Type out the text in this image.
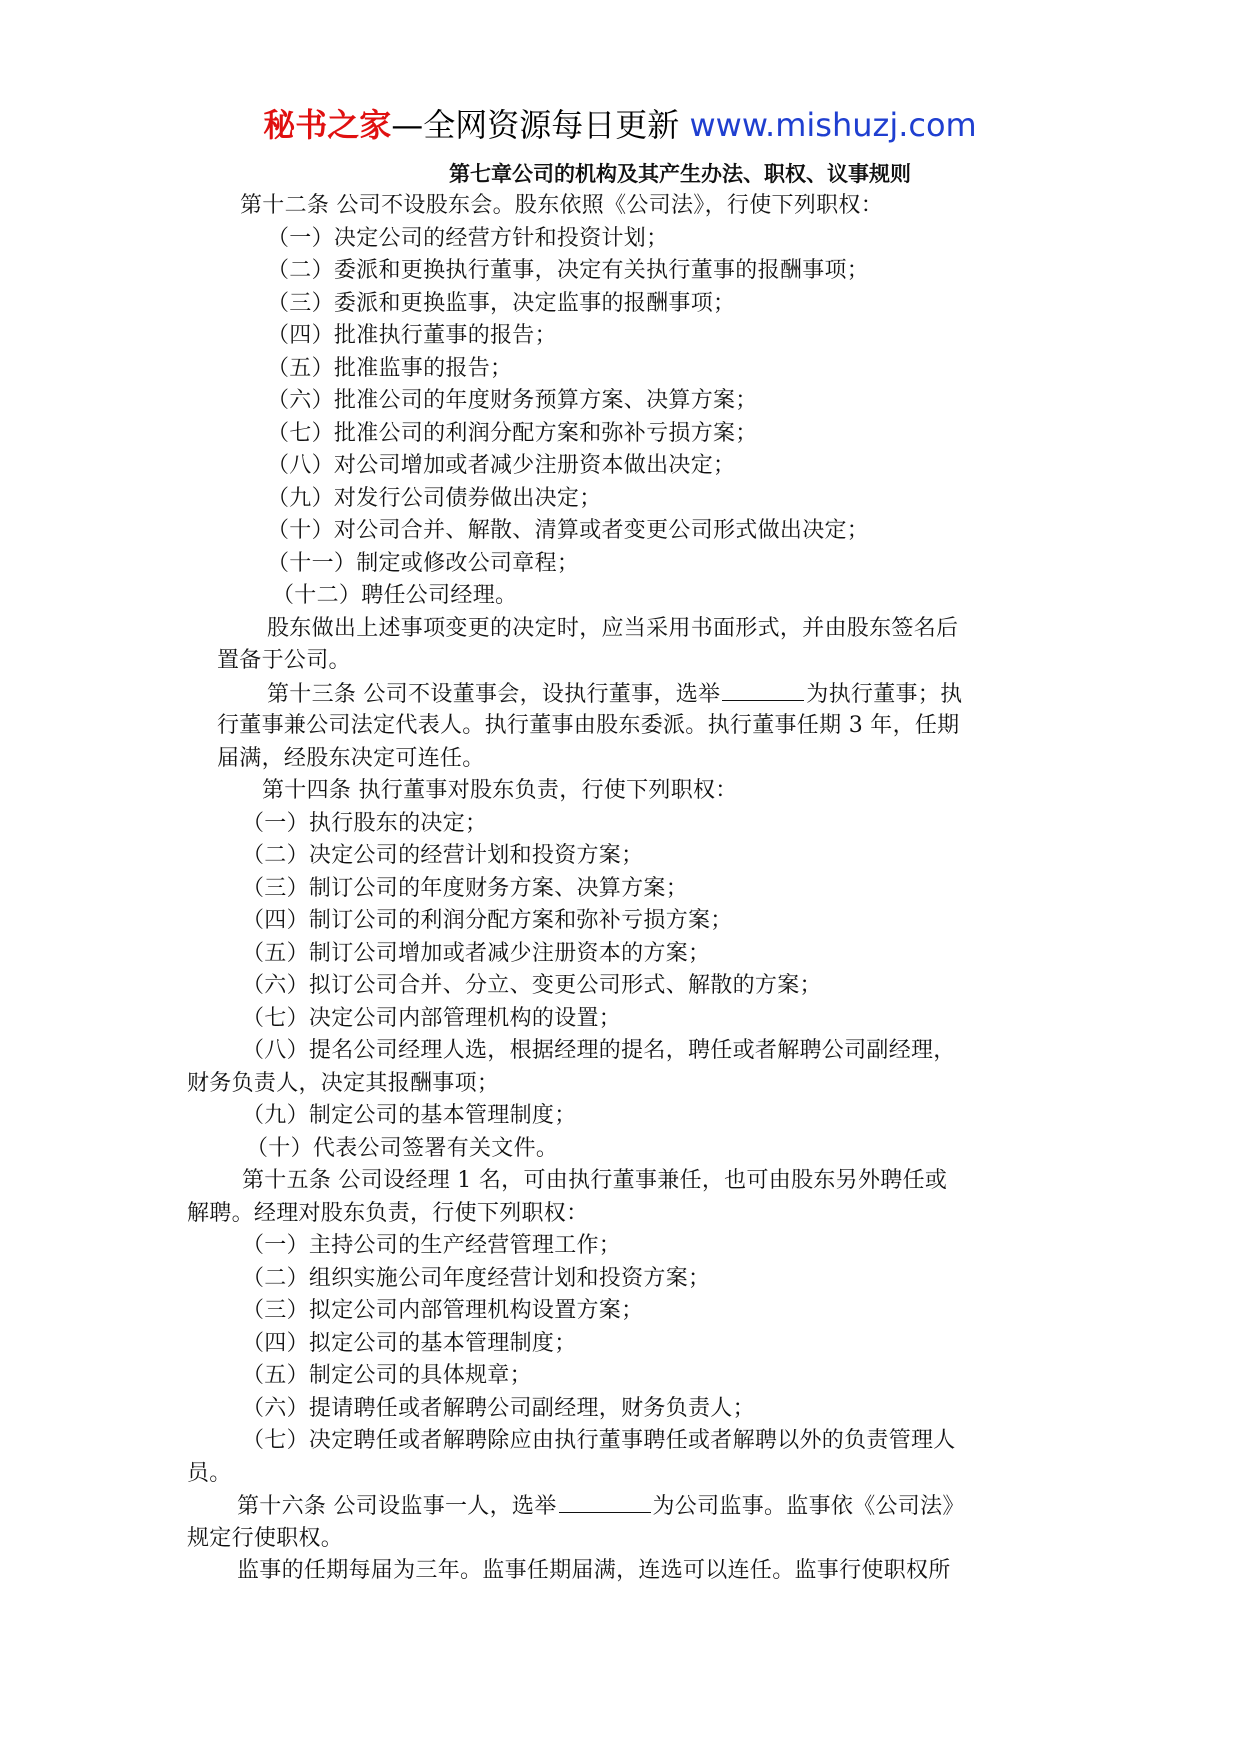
秘书之家—全网资源每日更新 www.mishuzj.com
第七章公司的机构及其产生办法、职权、议事规则
第十二条 公司不设股东会。股东依照《公司法》，行使下列职权：
（一）决定公司的经营方针和投资计划；
（二）委派和更换执行董事，决定有关执行董事的报酬事项；
（三）委派和更换监事，决定监事的报酬事项；
（四）批准执行董事的报告；
（五）批准监事的报告；
（六）批准公司的年度财务预算方案、决算方案；
（七）批准公司的利润分配方案和弥补亏损方案；
（八）对公司增加或者减少注册资本做出决定；
（九）对发行公司债券做出决定；
（十）对公司合并、解散、清算或者变更公司形式做出决定；
（十一）制定或修改公司章程；
（十二）聘任公司经理。
股东做出上述事项变更的决定时，应当采用书面形式，并由股东签名后
置备于公司。
第十三条 公司不设董事会，设执行董事，选举	为执行董事；执
行董事兼公司法定代表人。执行董事由股东委派。执行董事任期 3 年，任期
届满，经股东决定可连任。
第十四条 执行董事对股东负责，行使下列职权：
（一）执行股东的决定；
（二）决定公司的经营计划和投资方案；
（三）制订公司的年度财务方案、决算方案；
（四）制订公司的利润分配方案和弥补亏损方案；
（五）制订公司增加或者减少注册资本的方案；
（六）拟订公司合并、分立、变更公司形式、解散的方案；
（七）决定公司内部管理机构的设置；
（八）提名公司经理人选，根据经理的提名，聘任或者解聘公司副经理，
财务负责人，决定其报酬事项；
（九）制定公司的基本管理制度；
（十）代表公司签署有关文件。
第十五条 公司设经理 1 名，可由执行董事兼任，也可由股东另外聘任或
解聘。经理对股东负责，行使下列职权：
（一）主持公司的生产经营管理工作；
（二）组织实施公司年度经营计划和投资方案；
（三）拟定公司内部管理机构设置方案；
（四）拟定公司的基本管理制度；
（五）制定公司的具体规章；
（六）提请聘任或者解聘公司副经理，财务负责人；
（七）决定聘任或者解聘除应由执行董事聘任或者解聘以外的负责管理人
员。
第十六条 公司设监事一人，选举	为公司监事。监事依《公司法》
规定行使职权。
监事的任期每届为三年。监事任期届满，连选可以连任。监事行使职权所
